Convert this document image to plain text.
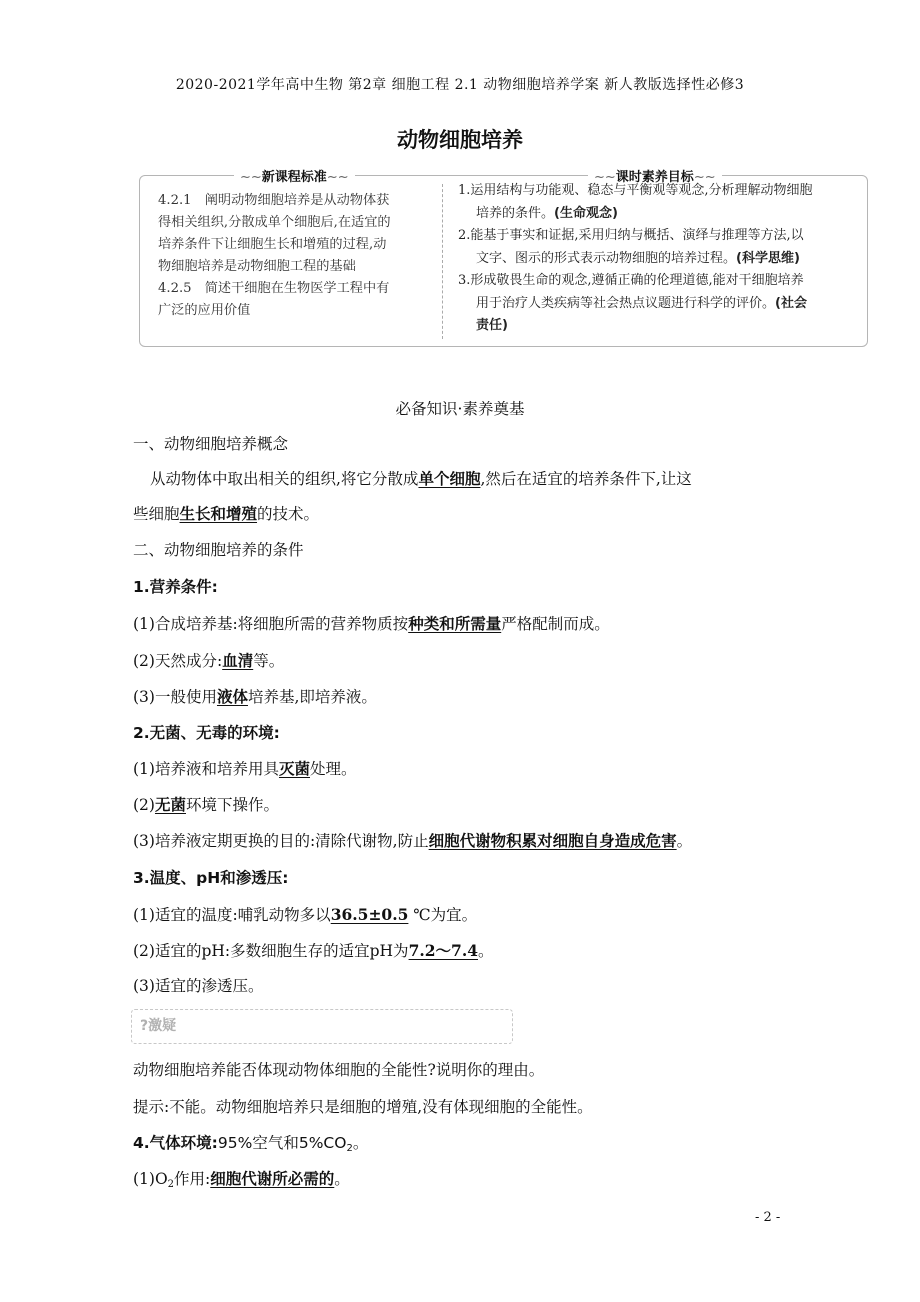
2020-2021学年高中生物 第2章 细胞工程 2.1 动物细胞培养学案 新人教版选择性必修3
动物细胞培养
~~新课程标准~~	~~课时素养目标~~
4.2.1　阐明动物细胞培养是从动物体获
得相关组织,分散成单个细胞后,在适宜的
培养条件下让细胞生长和增殖的过程,动
物细胞培养是动物细胞工程的基础
4.2.5　简述干细胞在生物医学工程中有
广泛的应用价值
1.运用结构与功能观、稳态与平衡观等观念,分析理解动物细胞
培养的条件。(生命观念)
2.能基于事实和证据,采用归纳与概括、演绎与推理等方法,以
文字、图示的形式表示动物细胞的培养过程。(科学思维)
3.形成敬畏生命的观念,遵循正确的伦理道德,能对干细胞培养
用于治疗人类疾病等社会热点议题进行科学的评价。(社会
责任)
必备知识·素养奠基
一、动物细胞培养概念
从动物体中取出相关的组织,将它分散成单个细胞,然后在适宜的培养条件下,让这
些细胞生长和增殖的技术。
二、动物细胞培养的条件
1.营养条件:
(1)合成培养基:将细胞所需的营养物质按种类和所需量严格配制而成。
(2)天然成分:血清等。
(3)一般使用液体培养基,即培养液。
2.无菌、无毒的环境:
(1)培养液和培养用具灭菌处理。
(2)无菌环境下操作。
(3)培养液定期更换的目的:清除代谢物,防止细胞代谢物积累对细胞自身造成危害。
3.温度、pH和渗透压:
(1)适宜的温度:哺乳动物多以36.5±0.5 ℃为宜。
(2)适宜的pH:多数细胞生存的适宜pH为7.2～7.4。
(3)适宜的渗透压。
?激疑
动物细胞培养能否体现动物体细胞的全能性?说明你的理由。
提示:不能。动物细胞培养只是细胞的增殖,没有体现细胞的全能性。
4.气体环境:95%空气和$5\%CO_2$。
$(1)O_2$作用:细胞代谢所必需的。
- 2 -
